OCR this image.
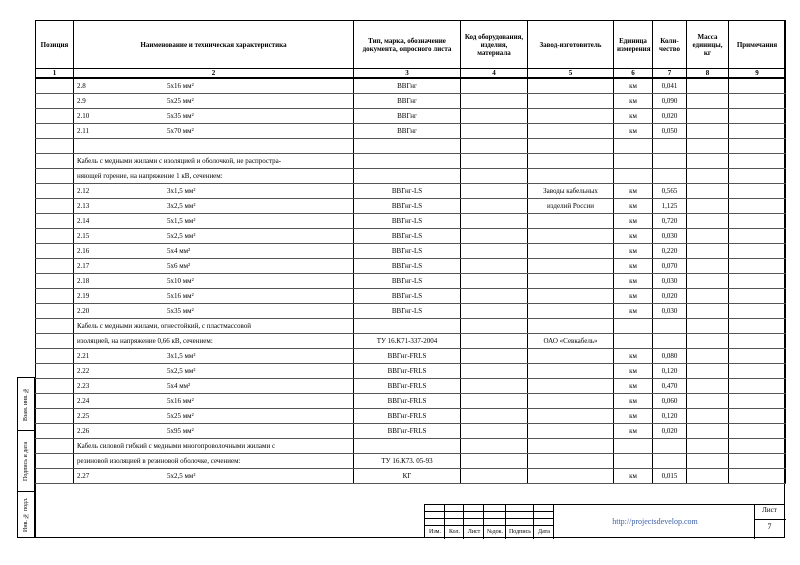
Позиция	Наименование и техническая характеристика	Тип, марка, обозначение документа, опросного листа	Код оборудования, изделия, материала	Завод-изготовитель	Единица измерения	Коли-чество	Масса единицы, кг	Примечания
1	2	3	4	5	6	7	8	9
	2.8 5х16 мм²	ВВГнг			км	0,041		
	2.9 5х25 мм²	ВВГнг			км	0,090		
	2.10 5х35 мм²	ВВГнг			км	0,020		
	2.11 5х70 мм²	ВВГнг			км	0,050		

	Кабель с медными жилами с изоляцией и оболочкой, не распростра-							
	няющей горение, на напряжение 1 кВ, сечением:							
	2.12 3х1,5 мм²	ВВГнг-LS		Заводы кабельных	км	0,565		
	2.13 3х2,5 мм²	ВВГнг-LS		изделий России	км	1,125		
	2.14 5х1,5 мм²	ВВГнг-LS			км	0,720		
	2.15 5х2,5 мм²	ВВГнг-LS			км	0,030		
	2.16 5х4 мм²	ВВГнг-LS			км	0,220		
	2.17 5х6 мм²	ВВГнг-LS			км	0,070		
	2.18 5х10 мм²	ВВГнг-LS			км	0,030		
	2.19 5х16 мм²	ВВГнг-LS			км	0,020		
	2.20 5х35 мм²	ВВГнг-LS			км	0,030		
	Кабель с медными жилами, огнестойкий, с пластмассовой							
	изоляцией, на напряжение 0,66 кВ, сечением:	ТУ 16.К71-337-2004		ОАО «Севкабель»				
	2.21 3х1,5 мм²	ВВГнг-FRLS			км	0,080		
	2.22 5х2,5 мм²	ВВГнг-FRLS			км	0,120		
	2.23 5х4 мм²	ВВГнг-FRLS			км	0,470		
	2.24 5х16 мм²	ВВГнг-FRLS			км	0,060		
	2.25 5х25 мм²	ВВГнг-FRLS			км	0,120		
	2.26 5х95 мм²	ВВГнг-FRLS			км	0,020		
	Кабель силовой гибкий с медными многопроволочными жилами с							
	резиновой изоляцией в резиновой оболочке, сечением:	ТУ 16.К73. 05-93						
	2.27 5х2,5 мм²	КГ			км	0,015		
Взам. инв. №
Подпись и дата
Инв. № подл.
Изм.	Кол.	Лист	№док. Подпись	Дата
http://projectsdevelop.com
Лист
7
